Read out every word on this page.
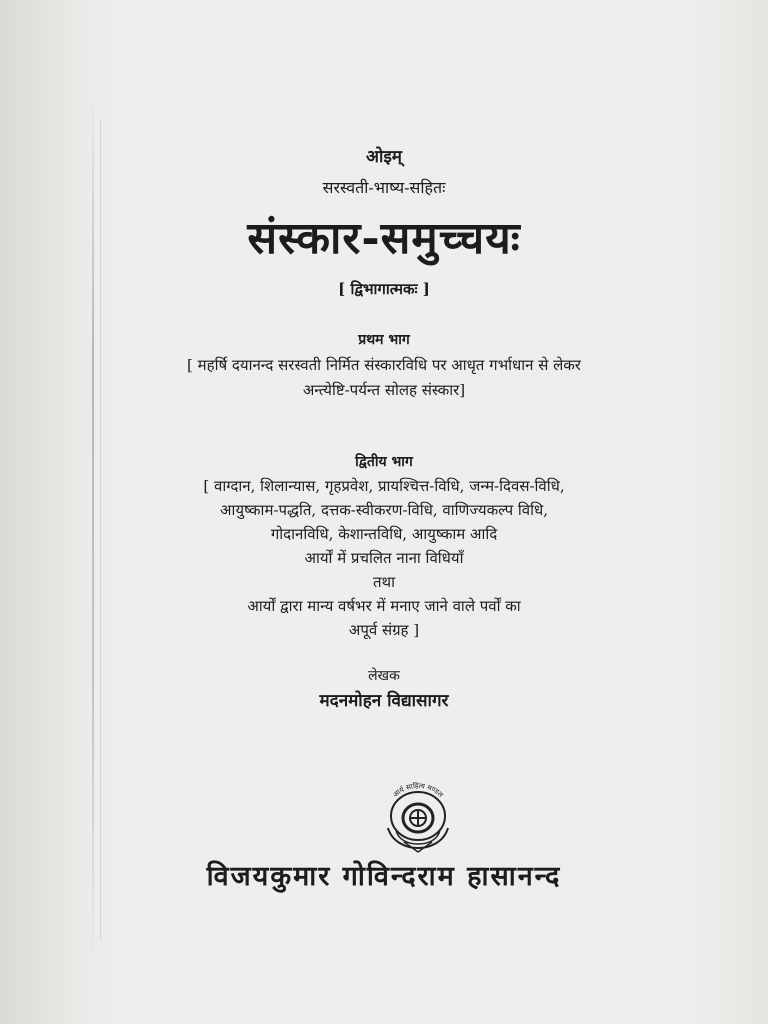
ओइम्
सरस्वती-भाष्य-सहितः
संस्कार-समुच्चयः
[ द्विभागात्मकः ]
प्रथम भाग
[ महर्षि दयानन्द सरस्वती निर्मित संस्कारविधि पर आधृत गर्भाधान से लेकर
अन्त्येष्टि-पर्यन्त सोलह संस्कार]
द्वितीय भाग
[ वाग्दान, शिलान्यास, गृहप्रवेश, प्रायश्चित्त-विधि, जन्म-दिवस-विधि,
आयुष्काम-पद्धति, दत्तक-स्वीकरण-विधि, वाणिज्यकल्प विधि,
गोदानविधि, केशान्तविधि, आयुष्काम आदि
आर्यों में प्रचलित नाना विधियाँ
तथा
आर्यों द्वारा मान्य वर्षभर में मनाए जाने वाले पर्वों का
अपूर्व संग्रह ]
लेखक
मदनमोहन विद्यासागर
आर्य साहित्य मण्डल
विजयकुमार गोविन्दराम हासानन्द
